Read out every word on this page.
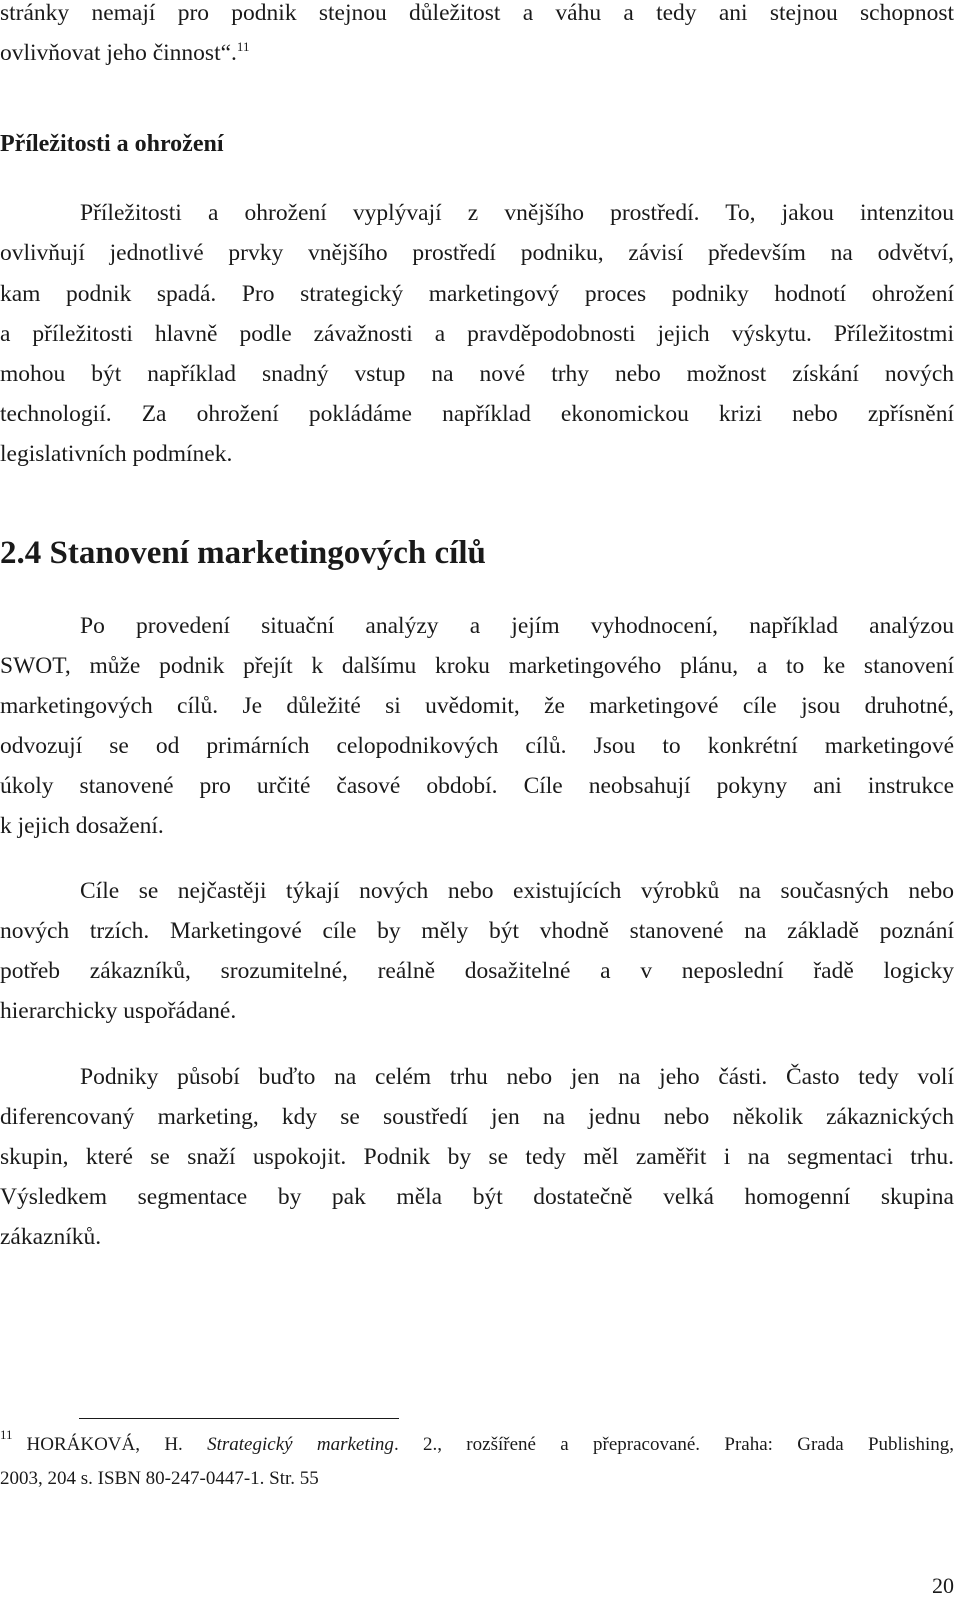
stránky nemají pro podnik stejnou důležitost a váhu a tedy ani stejnou schopnost
ovlivňovat jeho činnost“.$^{11}$
Příležitosti a ohrožení
Příležitosti a ohrožení vyplývají z vnějšího prostředí. To, jakou intenzitou
ovlivňují jednotlivé prvky vnějšího prostředí podniku, závisí především na odvětví,
kam podnik spadá. Pro strategický marketingový proces podniky hodnotí ohrožení
a příležitosti hlavně podle závažnosti a pravděpodobnosti jejich výskytu. Příležitostmi
mohou být například snadný vstup na nové trhy nebo možnost získání nových
technologií. Za ohrožení pokládáme například ekonomickou krizi nebo zpřísnění
legislativních podmínek.
2.4 Stanovení marketingových cílů
Po provedení situační analýzy a jejím vyhodnocení, například analýzou
SWOT, může podnik přejít k dalšímu kroku marketingového plánu, a to ke stanovení
marketingových cílů. Je důležité si uvědomit, že marketingové cíle jsou druhotné,
odvozují se od primárních celopodnikových cílů. Jsou to konkrétní marketingové
úkoly stanovené pro určité časové období. Cíle neobsahují pokyny ani instrukce
k jejich dosažení.
Cíle se nejčastěji týkají nových nebo existujících výrobků na současných nebo
nových trzích. Marketingové cíle by měly být vhodně stanovené na základě poznání
potřeb zákazníků, srozumitelné, reálně dosažitelné a v neposlední řadě logicky
hierarchicky uspořádané.
Podniky působí buďto na celém trhu nebo jen na jeho části. Často tedy volí
diferencovaný marketing, kdy se soustředí jen na jednu nebo několik zákaznických
skupin, které se snaží uspokojit. Podnik by se tedy měl zaměřit i na segmentaci trhu.
Výsledkem segmentace by pak měla být dostatečně velká homogenní skupina
zákazníků.
$^{11}$ HORÁKOVÁ, H. Strategický marketing. 2., rozšířené a přepracované. Praha: Grada Publishing,
2003, 204 s. ISBN 80-247-0447-1. Str. 55
20
